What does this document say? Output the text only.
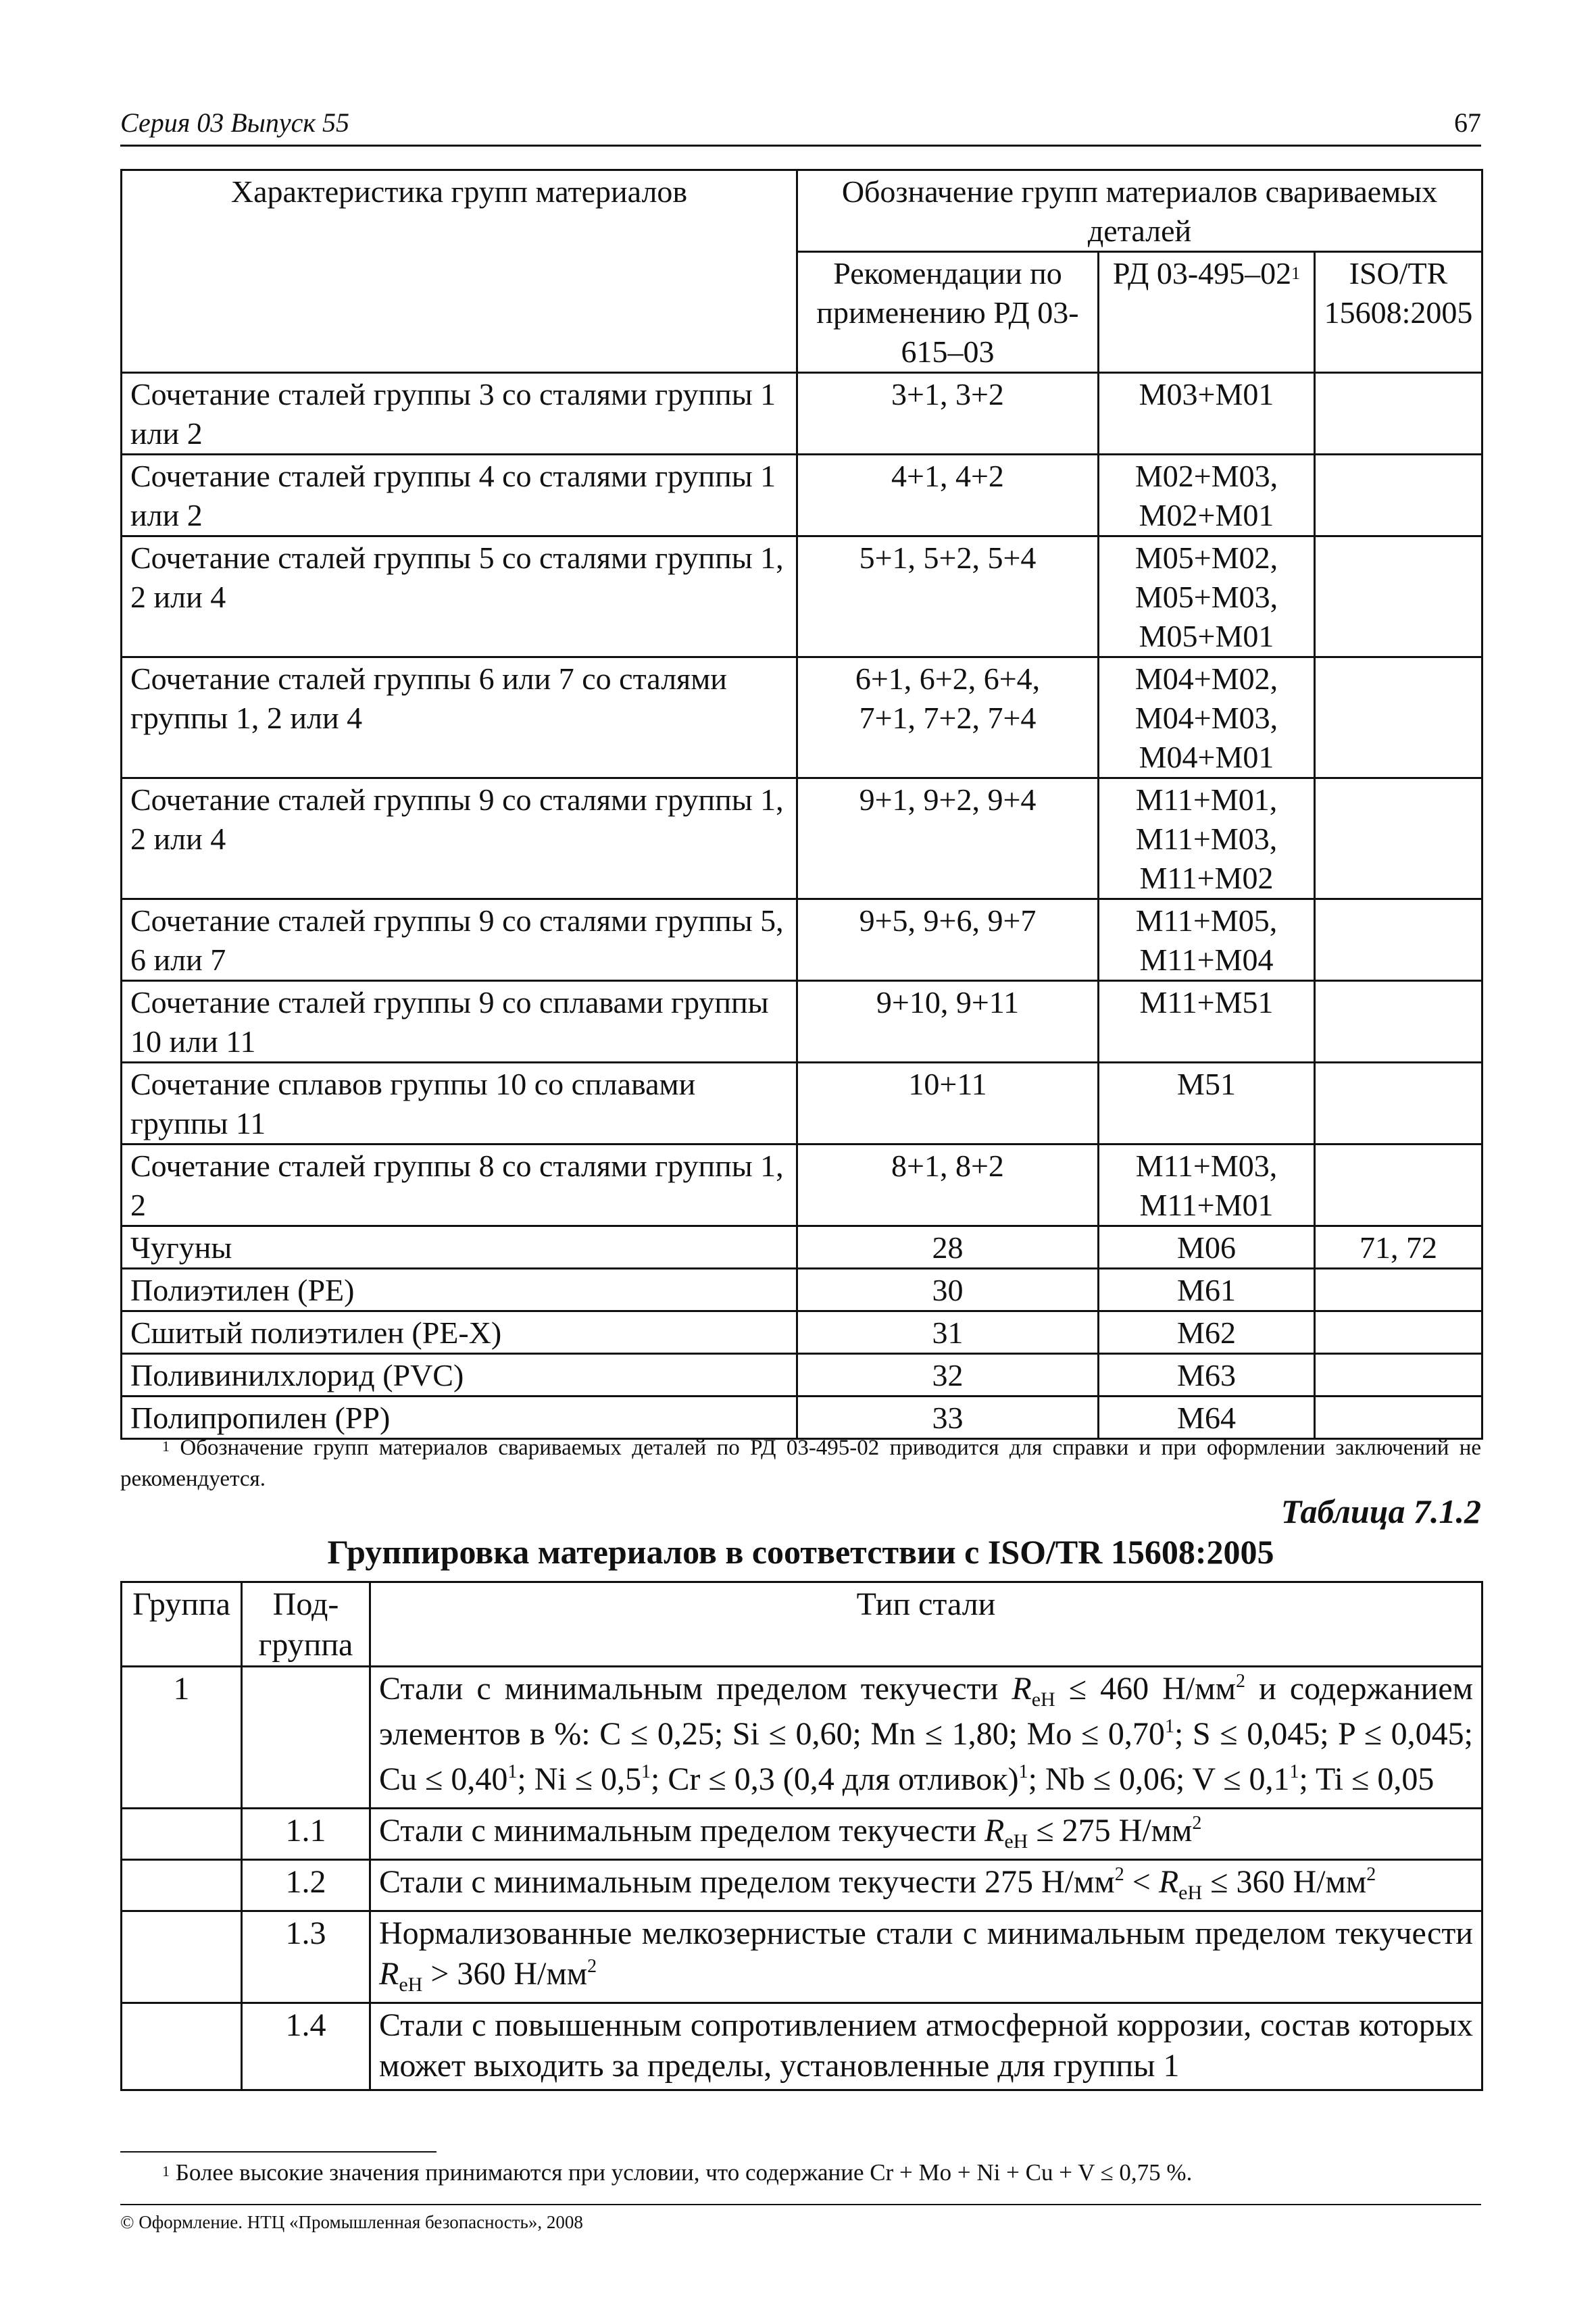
Серия 03 Выпуск 55	67
Характеристика групп материалов	Обозначение групп материалов свариваемых деталей		
	Рекомендации по применению РД 03-615–03	РД $03-495-02^1$	ISO/TR 15608:2005
Сочетание сталей группы 3 со сталями группы 1 или 2	3+1, 3+2	М03+М01	
Сочетание сталей группы 4 со сталями группы 1 или 2	4+1, 4+2	М02+М03, М02+М01	
Сочетание сталей группы 5 со сталями группы 1, 2 или 4	5+1, 5+2, 5+4	М05+М02, М05+М03, М05+М01	
Сочетание сталей группы 6 или 7 со сталями группы 1, 2 или 4	6+1, 6+2, 6+4, 7+1, 7+2, 7+4	М04+М02, М04+М03, М04+М01	
Сочетание сталей группы 9 со сталями группы 1, 2 или 4	9+1, 9+2, 9+4	М11+М01, М11+М03, М11+М02	
Сочетание сталей группы 9 со сталями группы 5, 6 или 7	9+5, 9+6, 9+7	М11+М05, М11+М04	
Сочетание сталей группы 9 со сплавами группы 10 или 11	9+10, 9+11	М11+М51	
Сочетание сплавов группы 10 со сплавами группы 11	10+11	М51	
Сочетание сталей группы 8 со сталями группы 1, 2	8+1, 8+2	М11+М03, М11+М01	
Чугуны	28	М06	71, 72
Полиэтилен (PE)	30	М61	
Сшитый полиэтилен (PE-X)	31	М62	
Поливинилхлорид (PVC)	32	М63	
Полипропилен (PP)	33	М64	
$^1$ Обозначение групп материалов свариваемых деталей по РД 03-495-02 приводится для справки и при оформлении заключений не рекомендуется.
Таблица 7.1.2
Группировка материалов в соответствии с ISO/TR 15608:2005
Группа	Под-группа	Тип стали
1		Стали с минимальным пределом текучести $R_{eH} \le 460$ $Н/мм^2$ и содержанием элементов в %: C ≤ 0,25; Si ≤ 0,60; Mn ≤ 1,80; $Mo \le 0,70^1$; S ≤ 0,045; P ≤ 0,045; $Cu \le 0,40^1$; $Ni \le 0,5^1$; Cr ≤ 0,3 (0,4 для отливок)$^1$; Nb ≤ 0,06; $V \le 0,1^1$; Ti ≤ 0,05
	1.1	Стали с минимальным пределом текучести $R_{eH} \le 275$ $Н/мм^2$
	1.2	Стали с минимальным пределом текучести 275 $Н/мм^2 < R_{eH} \le 360$ $Н/мм^2$
	1.3	Нормализованные мелкозернистые стали с минимальным пределом текучести $R_{eH} > 360$ $Н/мм^2$
	1.4	Стали с повышенным сопротивлением атмосферной коррозии, состав которых может выходить за пределы, установленные для группы 1
$^1$ Более высокие значения принимаются при условии, что содержание Cr + Mo + Ni + Cu + V ≤ 0,75 %.
© Оформление. НТЦ «Промышленная безопасность», 2008
